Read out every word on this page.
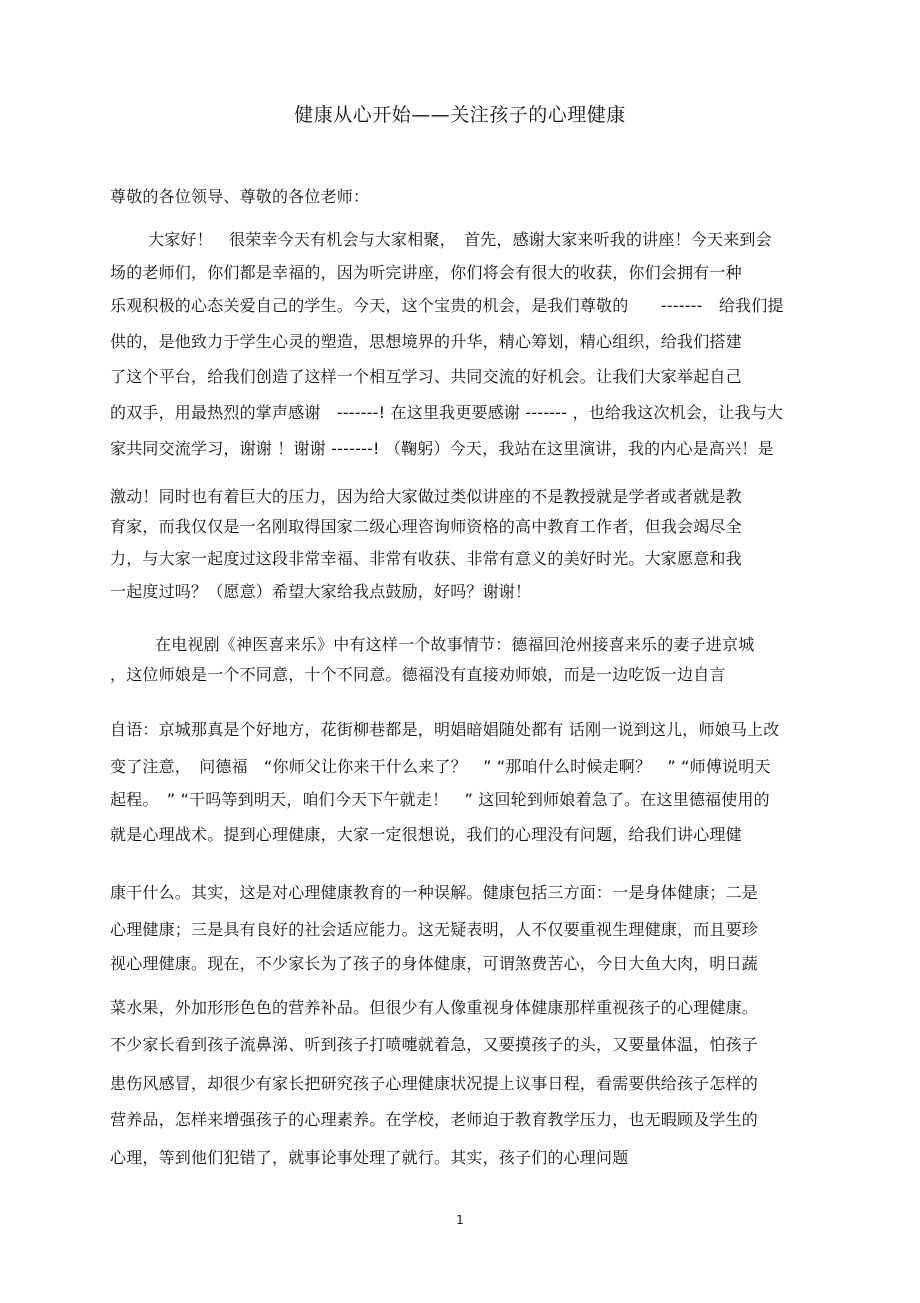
健康从心开始——关注孩子的心理健康
尊敬的各位领导、尊敬的各位老师：
大家好！　很荣幸今天有机会与大家相聚，　首先，感谢大家来听我的讲座！今天来到会
场的老师们，你们都是幸福的，因为听完讲座，你们将会有很大的收获，你们会拥有一种
乐观积极的心态关爱自己的学生。今天，这个宝贵的机会，是我们尊敬的　　-------　给我们提
供的，是他致力于学生心灵的塑造，思想境界的升华，精心筹划，精心组织，给我们搭建
了这个平台，给我们创造了这样一个相互学习、共同交流的好机会。让我们大家举起自己
的双手，用最热烈的掌声感谢　-------! 在这里我更要感谢 ------- ，也给我这次机会，让我与大
家共同交流学习，谢谢 ！谢谢 -------! （鞠躬）今天，我站在这里演讲，我的内心是高兴！是
激动！同时也有着巨大的压力，因为给大家做过类似讲座的不是教授就是学者或者就是教
育家，而我仅仅是一名刚取得国家二级心理咨询师资格的高中教育工作者，但我会竭尽全
力，与大家一起度过这段非常幸福、非常有收获、非常有意义的美好时光。大家愿意和我
一起度过吗？（愿意）希望大家给我点鼓励，好吗？谢谢！
在电视剧《神医喜来乐》中有这样一个故事情节：德福回沧州接喜来乐的妻子进京城
，这位师娘是一个不同意，十个不同意。德福没有直接劝师娘，而是一边吃饭一边自言
自语：京城那真是个好地方，花街柳巷都是，明娼暗娼随处都有 话刚一说到这儿，师娘马上改
变了注意，　问德福　“你师父让你来干什么来了？　” “那咱什么时候走啊？　” “师傅说明天
起程。　” “干吗等到明天，咱们今天下午就走！　” 这回轮到师娘着急了。在这里德福使用的
就是心理战术。提到心理健康，大家一定很想说，我们的心理没有问题，给我们讲心理健
康干什么。其实，这是对心理健康教育的一种误解。健康包括三方面：一是身体健康；二是
心理健康；三是具有良好的社会适应能力。这无疑表明，人不仅要重视生理健康，而且要珍
视心理健康。现在，不少家长为了孩子的身体健康，可谓煞费苦心，今日大鱼大肉，明日蔬
菜水果，外加形形色色的营养补品。但很少有人像重视身体健康那样重视孩子的心理健康。
不少家长看到孩子流鼻涕、听到孩子打喷嚏就着急，又要摸孩子的头，又要量体温，怕孩子
患伤风感冒，却很少有家长把研究孩子心理健康状况提上议事日程，看需要供给孩子怎样的
营养品，怎样来增强孩子的心理素养。在学校，老师迫于教育教学压力，也无暇顾及学生的
心理，等到他们犯错了，就事论事处理了就行。其实，孩子们的心理问题
1
